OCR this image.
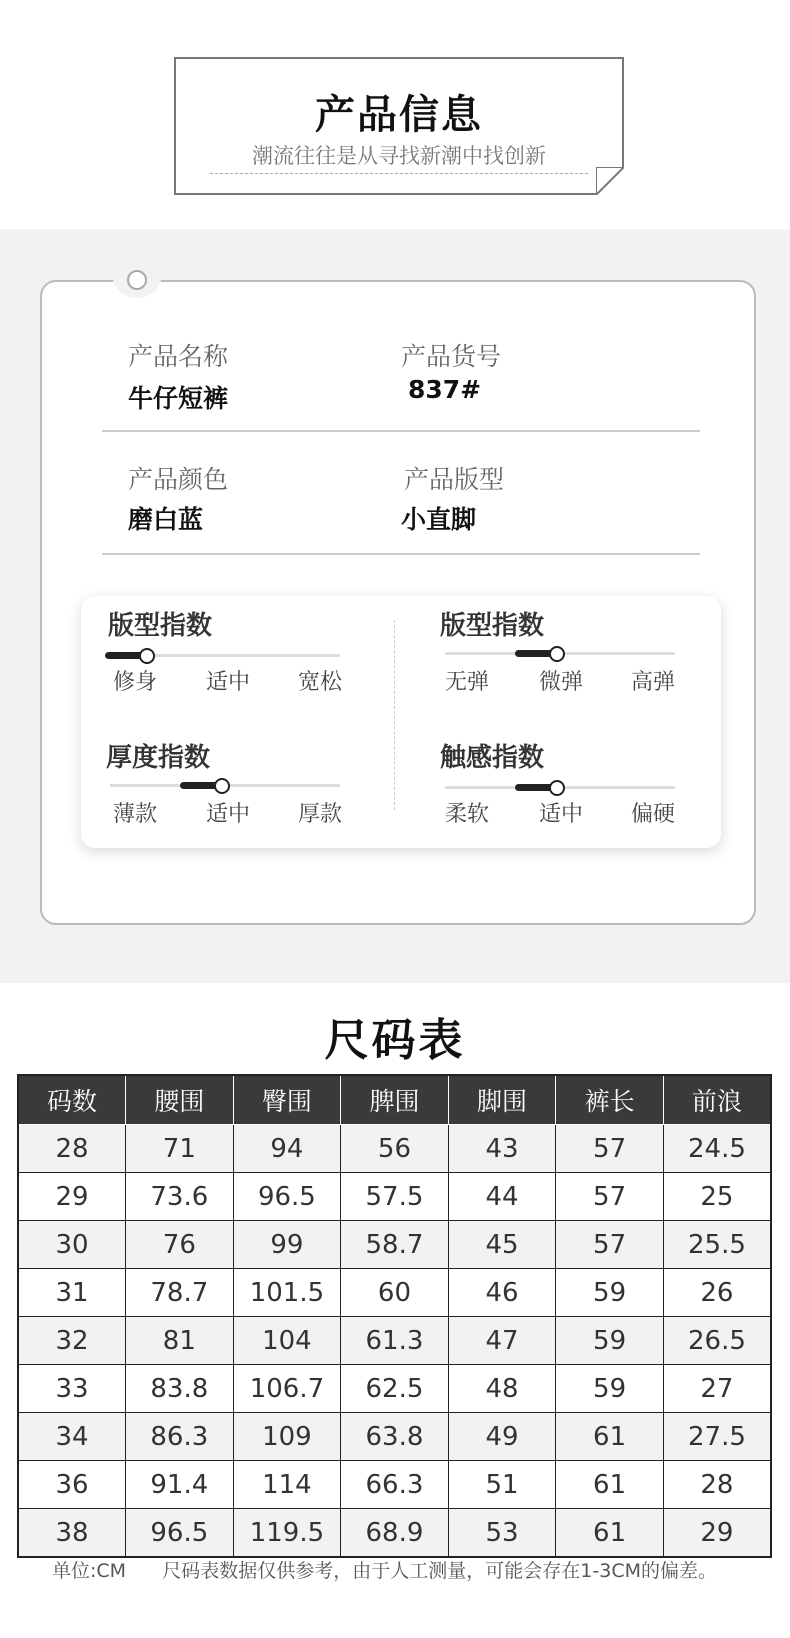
产品信息
潮流往往是从寻找新潮中找创新
产品名称
牛仔短裤
产品货号
837#
产品颜色
磨白蓝
产品版型
小直脚
版型指数
修身	适中	宽松
版型指数
无弹	微弹	高弹
厚度指数
薄款	适中	厚款
触感指数
柔软	适中	偏硬
尺码表
码数	腰围	臀围	脾围	脚围	裤长	前浪
28	71	94	56	43	57	24.5
29	73.6	96.5	57.5	44	57	25
30	76	99	58.7	45	57	25.5
31	78.7	101.5	60	46	59	26
32	81	104	61.3	47	59	26.5
33	83.8	106.7	62.5	48	59	27
34	86.3	109	63.8	49	61	27.5
36	91.4	114	66.3	51	61	28
38	96.5	119.5	68.9	53	61	29
单位:CM      尺码表数据仅供参考，由于人工测量，可能会存在1-3CM的偏差。
